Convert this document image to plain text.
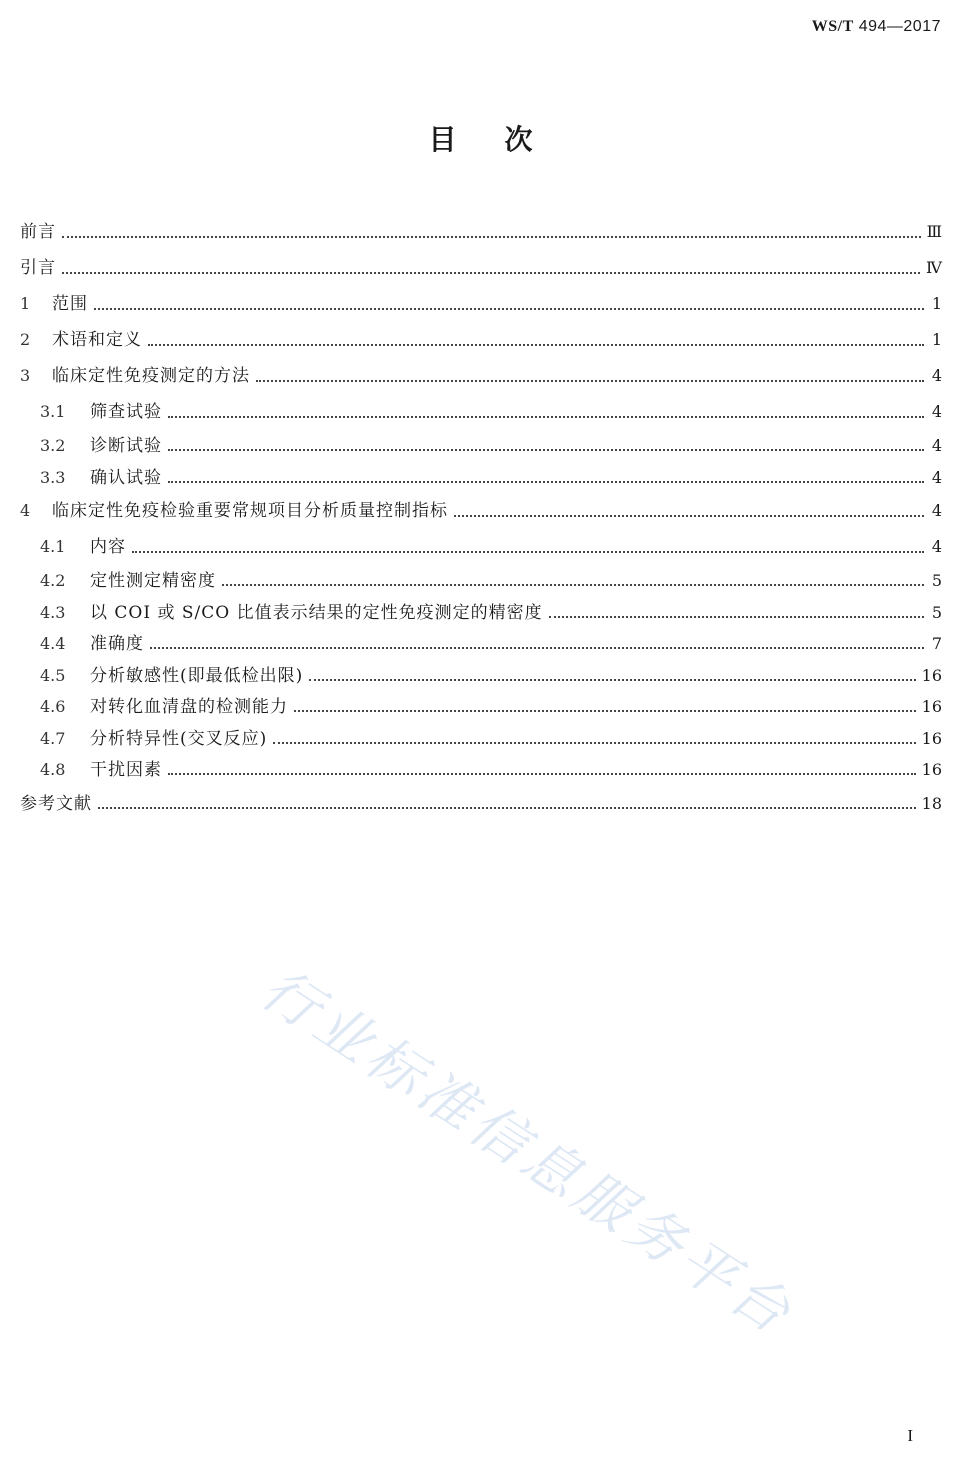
WS/T 494—2017
目次
前言	Ⅲ
引言	Ⅳ
1	范围	1
2	术语和定义	1
3	临床定性免疫测定的方法	4
3.1	筛查试验	4
3.2	诊断试验	4
3.3	确认试验	4
4	临床定性免疫检验重要常规项目分析质量控制指标	4
4.1	内容	4
4.2	定性测定精密度	5
4.3	以 COI 或 S/CO 比值表示结果的定性免疫测定的精密度	5
4.4	准确度	7
4.5	分析敏感性(即最低检出限)	16
4.6	对转化血清盘的检测能力	16
4.7	分析特异性(交叉反应)	16
4.8	干扰因素	16
参考文献	18
行业标准信息服务平台
I
